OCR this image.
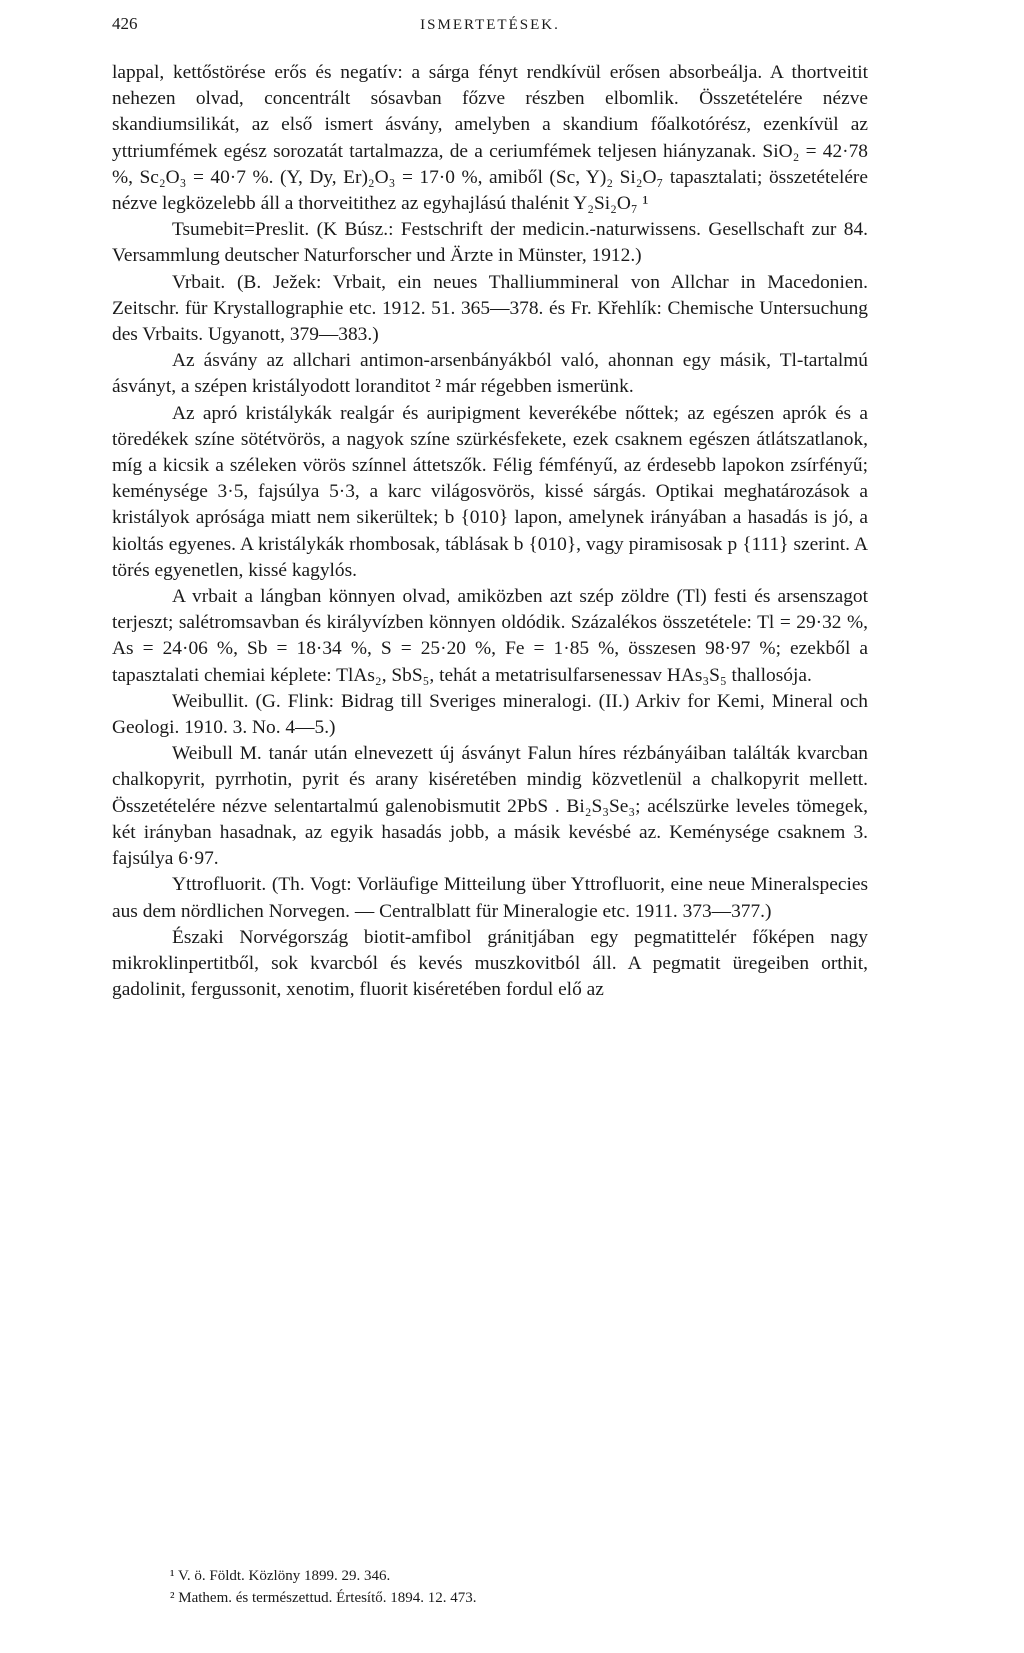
426	ISMERTETÉSEK.

lappal, kettőstörése erős és negatív: a sárga fényt rendkívül erősen absorbeálja. A thortveitit nehezen olvad, concentrált sósavban főzve részben elbomlik. Összetételére nézve skandiumsilikát, az első ismert ásvány, amelyben a skandium főalkotórész, ezenkívül az yttriumfémek egész sorozatát tartalmazza, de a ceriumfémek teljesen hiányzanak. SiO₂ = 42·78 %, Sc₂O₃ = 40·7 %. (Y, Dy, Er)₂O₃ = 17·0 %, amiből (Sc, Y)₂ Si₂O₇ tapasztalati; összetételére nézve legközelebb áll a thorveitithez az egyhajlású thalénit Y₂Si₂O₇ ¹

Tsumebit=Preslit. (K Búsz.: Festschrift der medicin.-naturwissens. Gesellschaft zur 84. Versammlung deutscher Naturforscher und Ärzte in Münster, 1912.)

Vrbait. (B. Ježek: Vrbait, ein neues Thalliummineral von Allchar in Macedonien. Zeitschr. für Krystallographie etc. 1912. 51. 365—378. és Fr. Křehlík: Chemische Untersuchung des Vrbaits. Ugyanott, 379—383.)

Az ásvány az allchari antimon-arsenbányákból való, ahonnan egy másik, Tl-tartalmú ásványt, a szépen kristályodott loranditot ² már régebben ismerünk.

Az apró kristálykák realgár és auripigment keverékébe nőttek; az egészen aprók és a töredékek színe sötétvörös, a nagyok színe szürkésfekete, ezek csaknem egészen átlátszatlanok, míg a kicsik a széleken vörös színnel áttetszők. Félig fémfényű, az érdesebb lapokon zsírfényű; keménysége 3·5, fajsúlya 5·3, a karc világosvörös, kissé sárgás. Optikai meghatározások a kristályok aprósága miatt nem sikerültek; b {010} lapon, amelynek irányában a hasadás is jó, a kioltás egyenes. A kristálykák rhombosak, táblásak b {010}, vagy piramisosak p {111} szerint. A törés egyenetlen, kissé kagylós.

A vrbait a lángban könnyen olvad, amiközben azt szép zöldre (Tl) festi és arsenszagot terjeszt; salétromsavban és királyvízben könnyen oldódik. Százalékos összetétele: Tl = 29·32 %, As = 24·06 %, Sb = 18·34 %, S = 25·20 %, Fe = 1·85 %, összesen 98·97 %; ezekből a tapasztalati chemiai képlete: TlAs₂, SbS₅, tehát a metatrisulfarsenessav HAs₃S₅ thallosója.

Weibullit. (G. Flink: Bidrag till Sveriges mineralogi. (II.) Arkiv for Kemi, Mineral och Geologi. 1910. 3. No. 4—5.)

Weibull M. tanár után elnevezett új ásványt Falun híres rézbányáiban találták kvarcban chalkopyrit, pyrrhotin, pyrit és arany kiséretében mindig közvetlenül a chalkopyrit mellett. Összetételére nézve selentartalmú galenobismutit 2PbS . Bi₂S₃Se₃; acélszürke leveles tömegek, két irányban hasadnak, az egyik hasadás jobb, a másik kevésbé az. Keménysége csaknem 3. fajsúlya 6·97.

Yttrofluorit. (Th. Vogt: Vorläufige Mitteilung über Yttrofluorit, eine neue Mineralspecies aus dem nördlichen Norvegen. — Centralblatt für Mineralogie etc. 1911. 373—377.)

Északi Norvégország biotit-amfibol gránitjában egy pegmatittelér főképen nagy mikroklinpertitből, sok kvarcból és kevés muszkovitból áll. A pegmatit üregeiben orthit, gadolinit, fergussonit, xenotim, fluorit kiséretében fordul elő az

¹ V. ö. Földt. Közlöny 1899. 29. 346.
² Mathem. és természettud. Értesítő. 1894. 12. 473.
